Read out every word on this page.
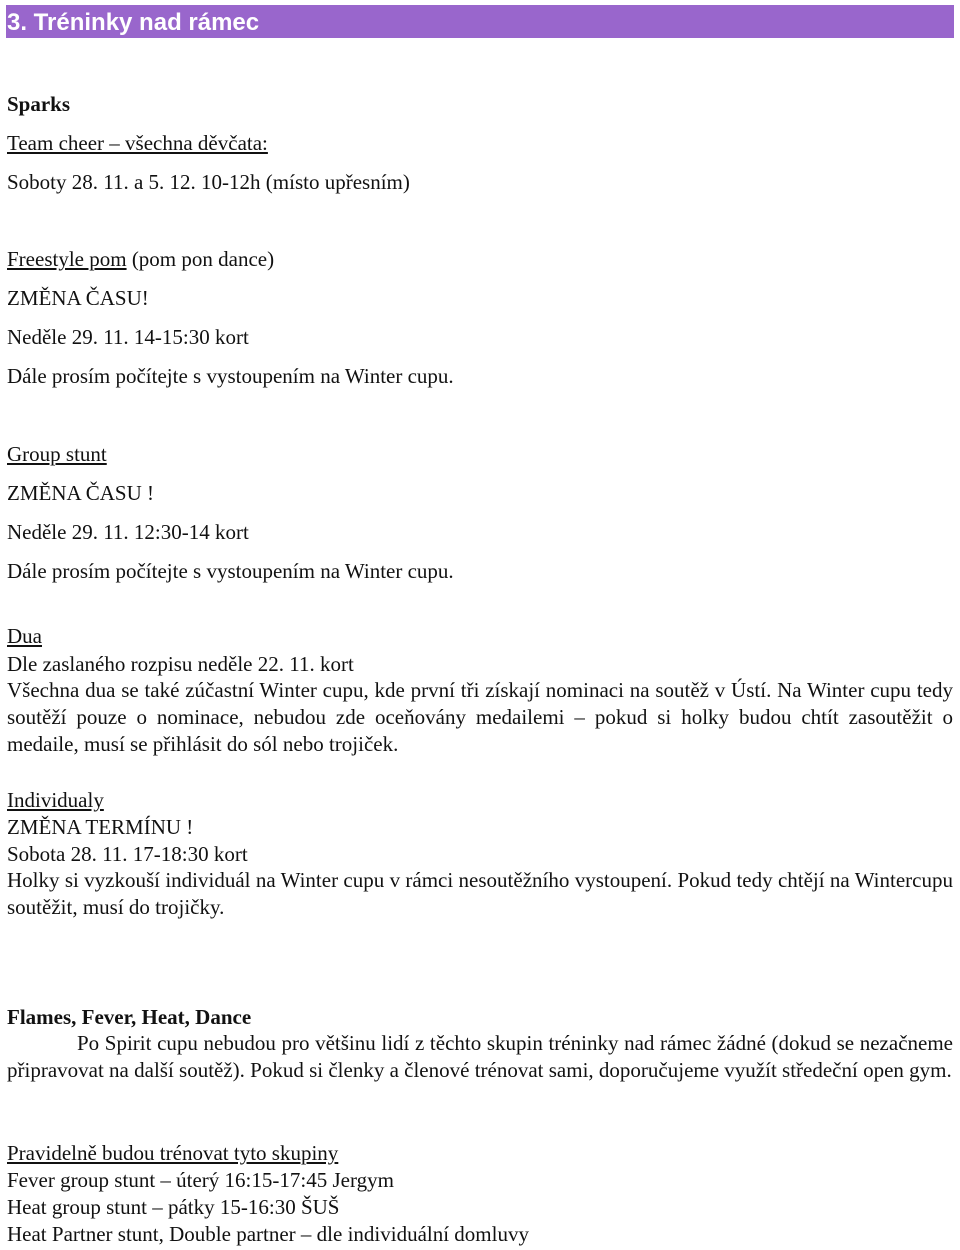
3. Tréninky nad rámec
Sparks
Team cheer – všechna děvčata:
Soboty 28. 11. a 5. 12. 10-12h (místo upřesním)
Freestyle pom (pom pon dance)
ZMĚNA ČASU!
Neděle 29. 11. 14-15:30 kort
Dále prosím počítejte s vystoupením na Winter cupu.
Group stunt
ZMĚNA ČASU !
Neděle 29. 11. 12:30-14 kort
Dále prosím počítejte s vystoupením na Winter cupu.
Dua
Dle zaslaného rozpisu neděle 22. 11. kort
Všechna dua se také zúčastní Winter cupu, kde první tři získají nominaci na soutěž v Ústí. Na Winter cupu tedy soutěží pouze o nominace, nebudou zde oceňovány medailemi – pokud si holky budou chtít zasoutěžit o medaile, musí se přihlásit do sól nebo trojiček.
Individualy
ZMĚNA TERMÍNU !
Sobota 28. 11. 17-18:30 kort
Holky si vyzkouší individuál na Winter cupu v rámci nesoutěžního vystoupení. Pokud tedy chtějí na Wintercupu soutěžit, musí do trojičky.
Flames, Fever, Heat, Dance
Po Spirit cupu nebudou pro většinu lidí z těchto skupin tréninky nad rámec žádné (dokud se nezačneme připravovat na další soutěž). Pokud si členky a členové trénovat sami, doporučujeme využít středeční open gym.
Pravidelně budou trénovat tyto skupiny
Fever group stunt – úterý 16:15-17:45 Jergym
Heat group stunt – pátky 15-16:30 ŠUŠ
Heat Partner stunt, Double partner – dle individuální domluvy
